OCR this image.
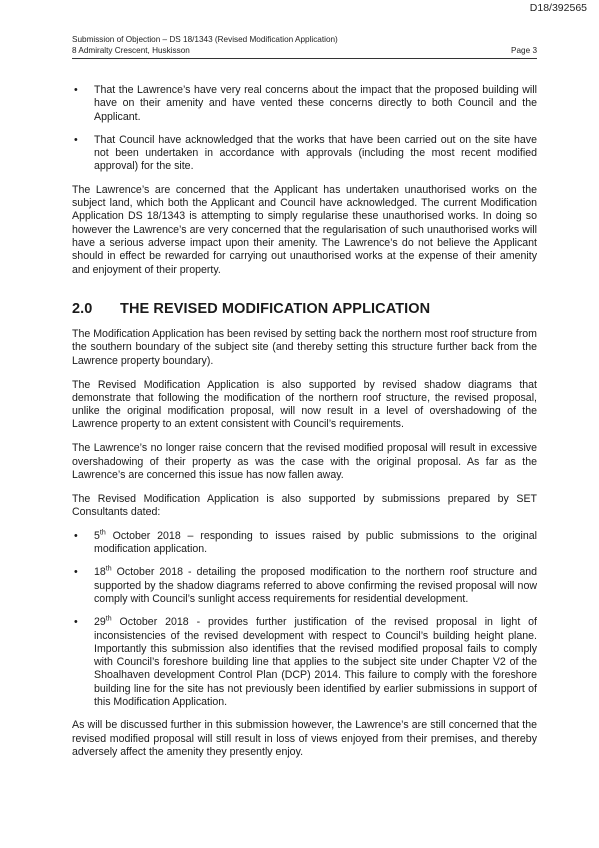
D18/392565
Submission of Objection – DS 18/1343 (Revised Modification Application)
8 Admiralty Crescent, Huskisson	Page 3
• That the Lawrence’s have very real concerns about the impact that the proposed building will have on their amenity and have vented these concerns directly to both Council and the Applicant.
• That Council have acknowledged that the works that have been carried out on the site have not been undertaken in accordance with approvals (including the most recent modified approval) for the site.

The Lawrence’s are concerned that the Applicant has undertaken unauthorised works on the subject land, which both the Applicant and Council have acknowledged. The current Modification Application DS 18/1343 is attempting to simply regularise these unauthorised works. In doing so however the Lawrence’s are very concerned that the regularisation of such unauthorised works will have a serious adverse impact upon their amenity. The Lawrence’s do not believe the Applicant should in effect be rewarded for carrying out unauthorised works at the expense of their amenity and enjoyment of their property.

2.0	THE REVISED MODIFICATION APPLICATION

The Modification Application has been revised by setting back the northern most roof structure from the southern boundary of the subject site (and thereby setting this structure further back from the Lawrence property boundary).

The Revised Modification Application is also supported by revised shadow diagrams that demonstrate that following the modification of the northern roof structure, the revised proposal, unlike the original modification proposal, will now result in a level of overshadowing of the Lawrence property to an extent consistent with Council’s requirements.

The Lawrence’s no longer raise concern that the revised modified proposal will result in excessive overshadowing of their property as was the case with the original proposal. As far as the Lawrence’s are concerned this issue has now fallen away.

The Revised Modification Application is also supported by submissions prepared by SET Consultants dated:

• 5th October 2018 – responding to issues raised by public submissions to the original modification application.
• 18th October 2018 - detailing the proposed modification to the northern roof structure and supported by the shadow diagrams referred to above confirming the revised proposal will now comply with Council’s sunlight access requirements for residential development.
• 29th October 2018 - provides further justification of the revised proposal in light of inconsistencies of the revised development with respect to Council’s building height plane. Importantly this submission also identifies that the revised modified proposal fails to comply with Council’s foreshore building line that applies to the subject site under Chapter V2 of the Shoalhaven development Control Plan (DCP) 2014. This failure to comply with the foreshore building line for the site has not previously been identified by earlier submissions in support of this Modification Application.

As will be discussed further in this submission however, the Lawrence’s are still concerned that the revised modified proposal will still result in loss of views enjoyed from their premises, and thereby adversely affect the amenity they presently enjoy.
